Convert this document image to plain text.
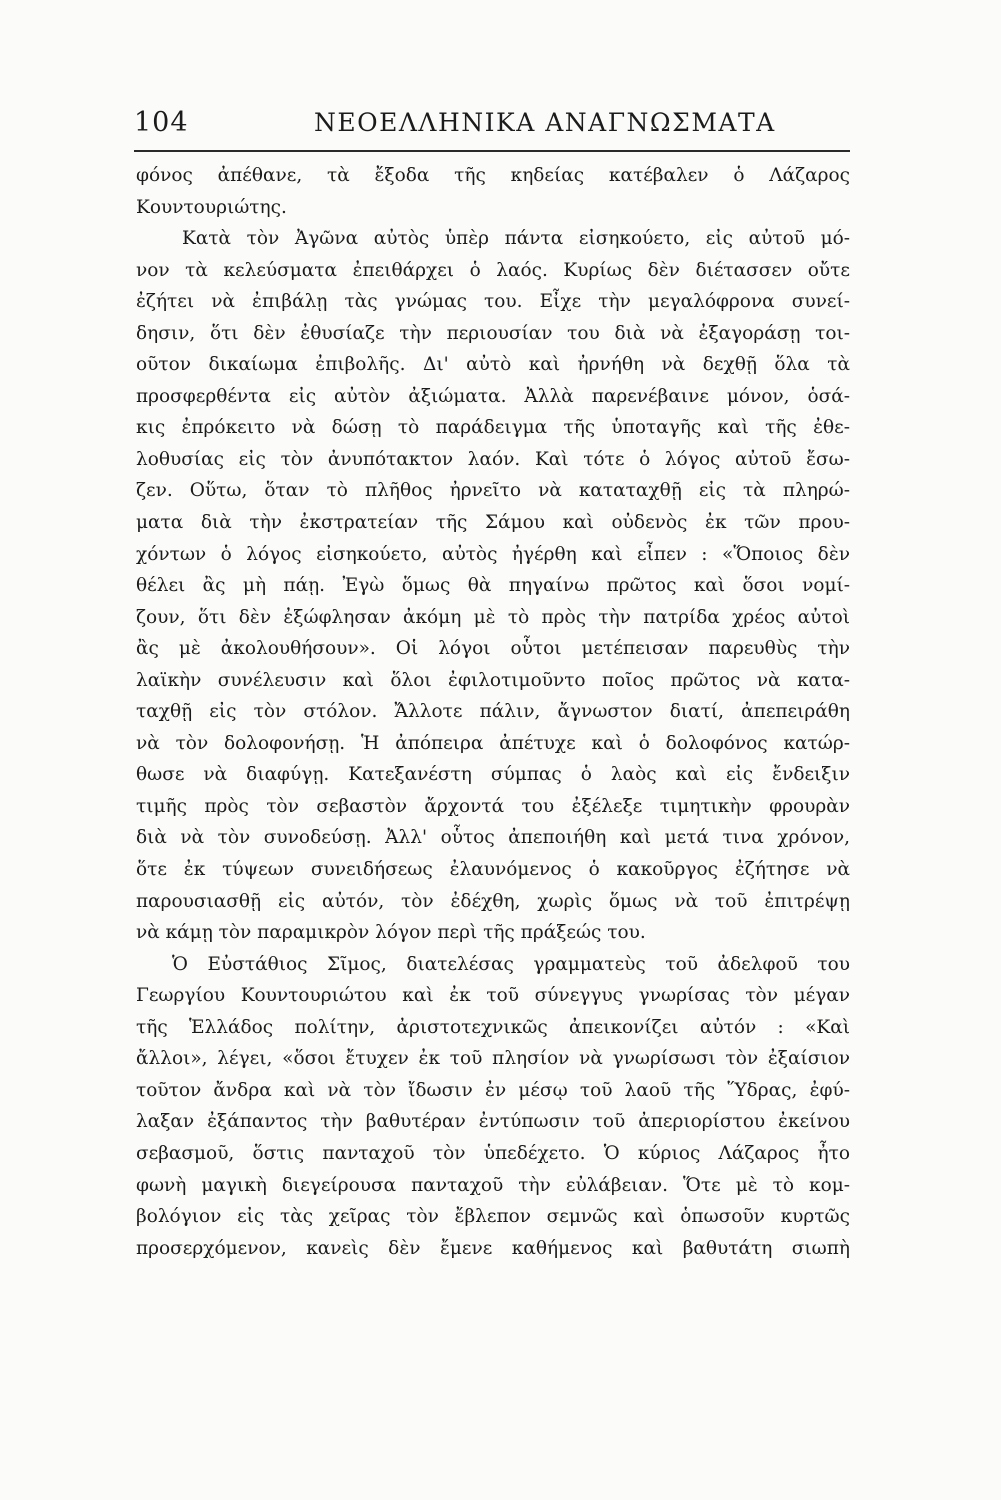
104	ΝΕΟΕΛΛΗΝΙΚΑ ΑΝΑΓΝΩΣΜΑΤΑ
φόνος ἀπέθανε, τὰ ἔξοδα τῆς κηδείας κατέβαλεν ὁ Λάζαρος
Κουντουριώτης.
Κατὰ τὸν Ἀγῶνα αὐτὸς ὑπὲρ πάντα εἰσηκούετο, εἰς αὐτοῦ μό-
νον τὰ κελεύσματα ἐπειθάρχει ὁ λαός. Κυρίως δὲν διέτασσεν οὔτε
ἐζήτει νὰ ἐπιβάλῃ τὰς γνώμας του. Εἶχε τὴν μεγαλόφρονα συνεί-
δησιν, ὅτι δὲν ἐθυσίαζε τὴν περιουσίαν του διὰ νὰ ἐξαγοράσῃ τοι-
οῦτον δικαίωμα ἐπιβολῆς. Δι' αὐτὸ καὶ ἠρνήθη νὰ δεχθῇ ὅλα τὰ
προσφερθέντα εἰς αὐτὸν ἀξιώματα. Ἀλλὰ παρενέβαινε μόνον, ὁσά-
κις ἐπρόκειτο νὰ δώσῃ τὸ παράδειγμα τῆς ὑποταγῆς καὶ τῆς ἐθε-
λοθυσίας εἰς τὸν ἀνυπότακτον λαόν. Καὶ τότε ὁ λόγος αὐτοῦ ἔσω-
ζεν. Οὕτω, ὅταν τὸ πλῆθος ἠρνεῖτο νὰ καταταχθῇ εἰς τὰ πληρώ-
ματα διὰ τὴν ἐκστρατείαν τῆς Σάμου καὶ οὐδενὸς ἐκ τῶν πρου-
χόντων ὁ λόγος εἰσηκούετο, αὐτὸς ἠγέρθη καὶ εἶπεν : «Ὅποιος δὲν
θέλει ἂς μὴ πάῃ. Ἐγὼ ὅμως θὰ πηγαίνω πρῶτος καὶ ὅσοι νομί-
ζουν, ὅτι δὲν ἐξώφλησαν ἀκόμη μὲ τὸ πρὸς τὴν πατρίδα χρέος αὐτοὶ
ἂς μὲ ἀκολουθήσουν». Οἱ λόγοι οὗτοι μετέπεισαν παρευθὺς τὴν
λαϊκὴν συνέλευσιν καὶ ὅλοι ἐφιλοτιμοῦντο ποῖος πρῶτος νὰ κατα-
ταχθῇ εἰς τὸν στόλον. Ἄλλοτε πάλιν, ἄγνωστον διατί, ἀπεπειράθη
νὰ τὸν δολοφονήσῃ. Ἡ ἀπόπειρα ἀπέτυχε καὶ ὁ δολοφόνος κατώρ-
θωσε νὰ διαφύγῃ. Κατεξανέστη σύμπας ὁ λαὸς καὶ εἰς ἔνδειξιν
τιμῆς πρὸς τὸν σεβαστὸν ἄρχοντά του ἐξέλεξε τιμητικὴν φρουρὰν
διὰ νὰ τὸν συνοδεύσῃ. Ἀλλ' οὗτος ἀπεποιήθη καὶ μετά τινα χρόνον,
ὅτε ἐκ τύψεων συνειδήσεως ἐλαυνόμενος ὁ κακοῦργος ἐζήτησε νὰ
παρουσιασθῇ εἰς αὐτόν, τὸν ἐδέχθη, χωρὶς ὅμως νὰ τοῦ ἐπιτρέψῃ
νὰ κάμῃ τὸν παραμικρὸν λόγον περὶ τῆς πράξεώς του.
Ὁ Εὐστάθιος Σῖμος, διατελέσας γραμματεὺς τοῦ ἀδελφοῦ του
Γεωργίου Κουντουριώτου καὶ ἐκ τοῦ σύνεγγυς γνωρίσας τὸν μέγαν
τῆς Ἑλλάδος πολίτην, ἀριστοτεχνικῶς ἀπεικονίζει αὐτόν : «Καὶ
ἄλλοι», λέγει, «ὅσοι ἔτυχεν ἐκ τοῦ πλησίον νὰ γνωρίσωσι τὸν ἐξαίσιον
τοῦτον ἄνδρα καὶ νὰ τὸν ἴδωσιν ἐν μέσῳ τοῦ λαοῦ τῆς Ὕδρας, ἐφύ-
λαξαν ἐξάπαντος τὴν βαθυτέραν ἐντύπωσιν τοῦ ἀπεριορίστου ἐκείνου
σεβασμοῦ, ὅστις πανταχοῦ τὸν ὑπεδέχετο. Ὁ κύριος Λάζαρος ἦτο
φωνὴ μαγικὴ διεγείρουσα πανταχοῦ τὴν εὐλάβειαν. Ὅτε μὲ τὸ κομ-
βολόγιον εἰς τὰς χεῖρας τὸν ἔβλεπον σεμνῶς καὶ ὁπωσοῦν κυρτῶς
προσερχόμενον, κανεὶς δὲν ἔμενε καθήμενος καὶ βαθυτάτη σιωπὴ
